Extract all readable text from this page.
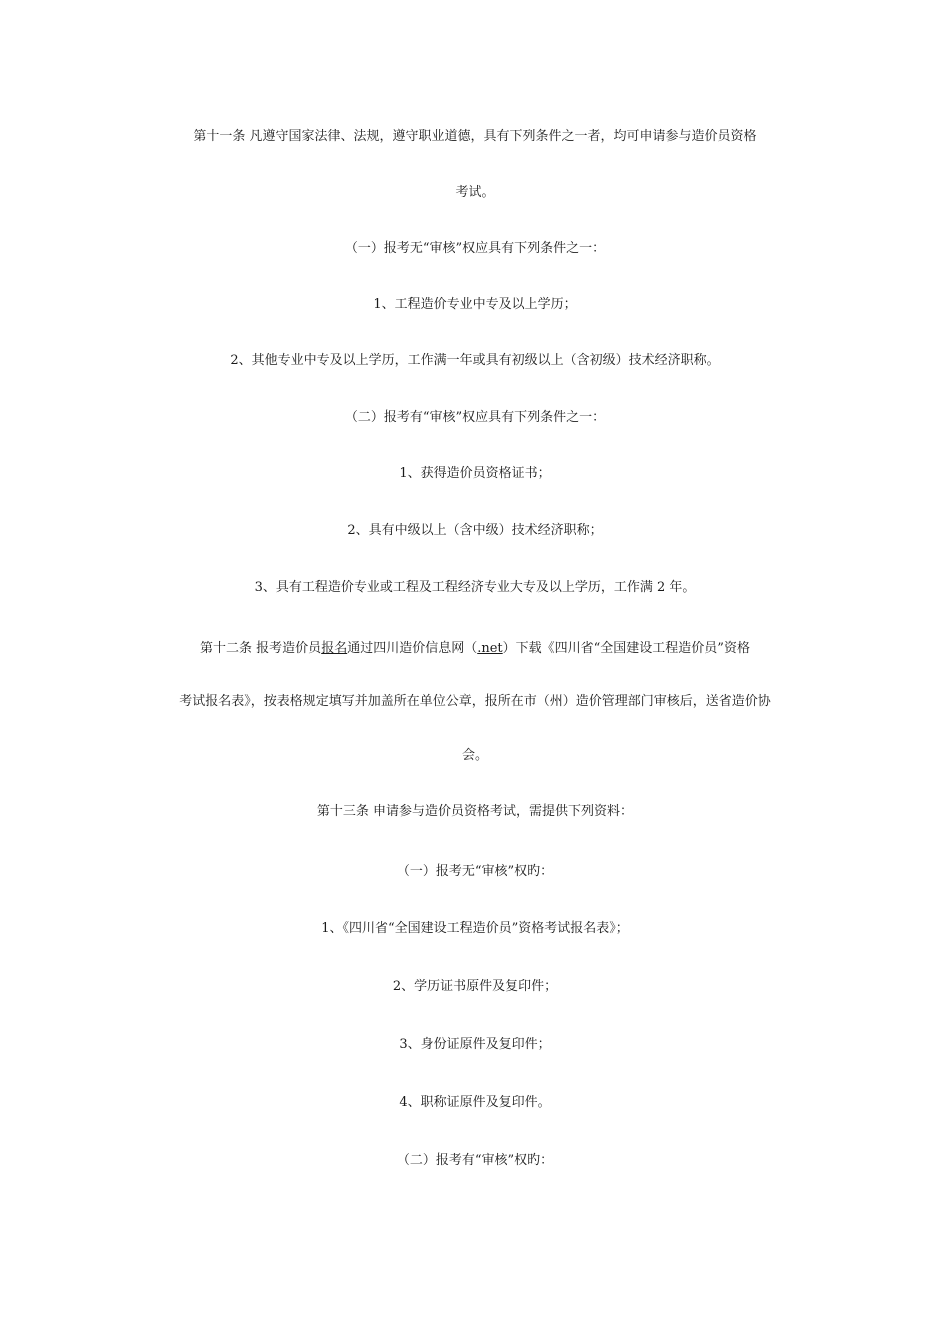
第十一条 凡遵守国家法律、法规，遵守职业道德，具有下列条件之一者，均可申请参与造价员资格
考试。
（一）报考无“审核”权应具有下列条件之一：
1、工程造价专业中专及以上学历；
2、其他专业中专及以上学历，工作满一年或具有初级以上（含初级）技术经济职称。
（二）报考有“审核”权应具有下列条件之一：
1、获得造价员资格证书；
2、具有中级以上（含中级）技术经济职称；
3、具有工程造价专业或工程及工程经济专业大专及以上学历，工作满 2 年。
第十二条 报考造价员报名通过四川造价信息网（.net）下载《四川省“全国建设工程造价员”资格
考试报名表》，按表格规定填写并加盖所在单位公章，报所在市（州）造价管理部门审核后，送省造价协
会。
第十三条 申请参与造价员资格考试，需提供下列资料：
（一）报考无“审核”权旳：
1、《四川省“全国建设工程造价员”资格考试报名表》；
2、学历证书原件及复印件；
3、身份证原件及复印件；
4、职称证原件及复印件。
（二）报考有“审核”权旳：
